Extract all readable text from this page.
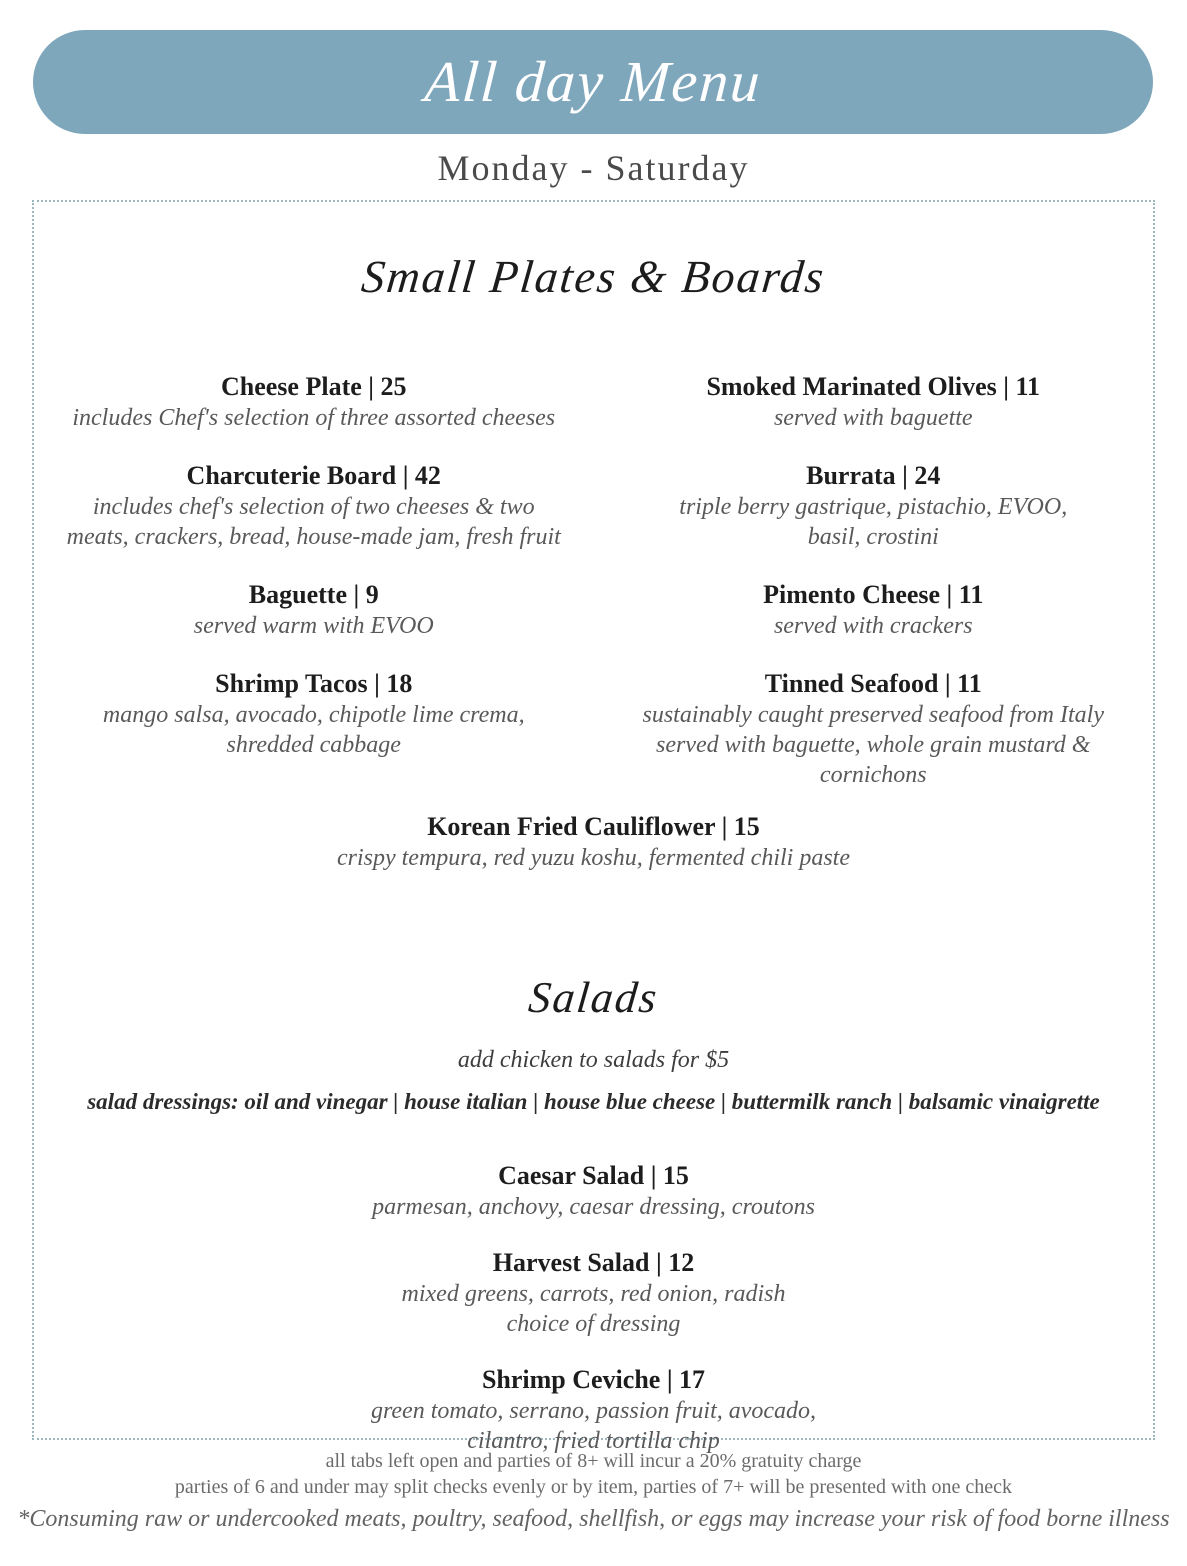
All day Menu
Monday - Saturday
Small Plates & Boards
Cheese Plate | 25
includes Chef's selection of three assorted cheeses
Smoked Marinated Olives | 11
served with baguette
Charcuterie Board | 42
includes chef's selection of two cheeses & two
meats, crackers, bread, house-made jam, fresh fruit
Burrata | 24
triple berry gastrique, pistachio, EVOO,
basil, crostini
Baguette | 9
served warm with EVOO
Pimento Cheese | 11
served with crackers
Shrimp Tacos | 18
mango salsa, avocado, chipotle lime crema,
shredded cabbage
Tinned Seafood | 11
sustainably caught preserved seafood from Italy
served with baguette, whole grain mustard & cornichons
Korean Fried Cauliflower | 15
crispy tempura, red yuzu koshu, fermented chili paste
Salads
add chicken to salads for $5
salad dressings: oil and vinegar | house italian | house blue cheese | buttermilk ranch | balsamic vinaigrette
Caesar Salad | 15
parmesan, anchovy, caesar dressing, croutons
Harvest Salad | 12
mixed greens, carrots, red onion, radish
choice of dressing
Shrimp Ceviche | 17
green tomato, serrano, passion fruit, avocado,
cilantro, fried tortilla chip
all tabs left open and parties of 8+ will incur a 20% gratuity charge
parties of 6 and under may split checks evenly or by item, parties of 7+ will be presented with one check
*Consuming raw or undercooked meats, poultry, seafood, shellfish, or eggs may increase your risk of food borne illness
